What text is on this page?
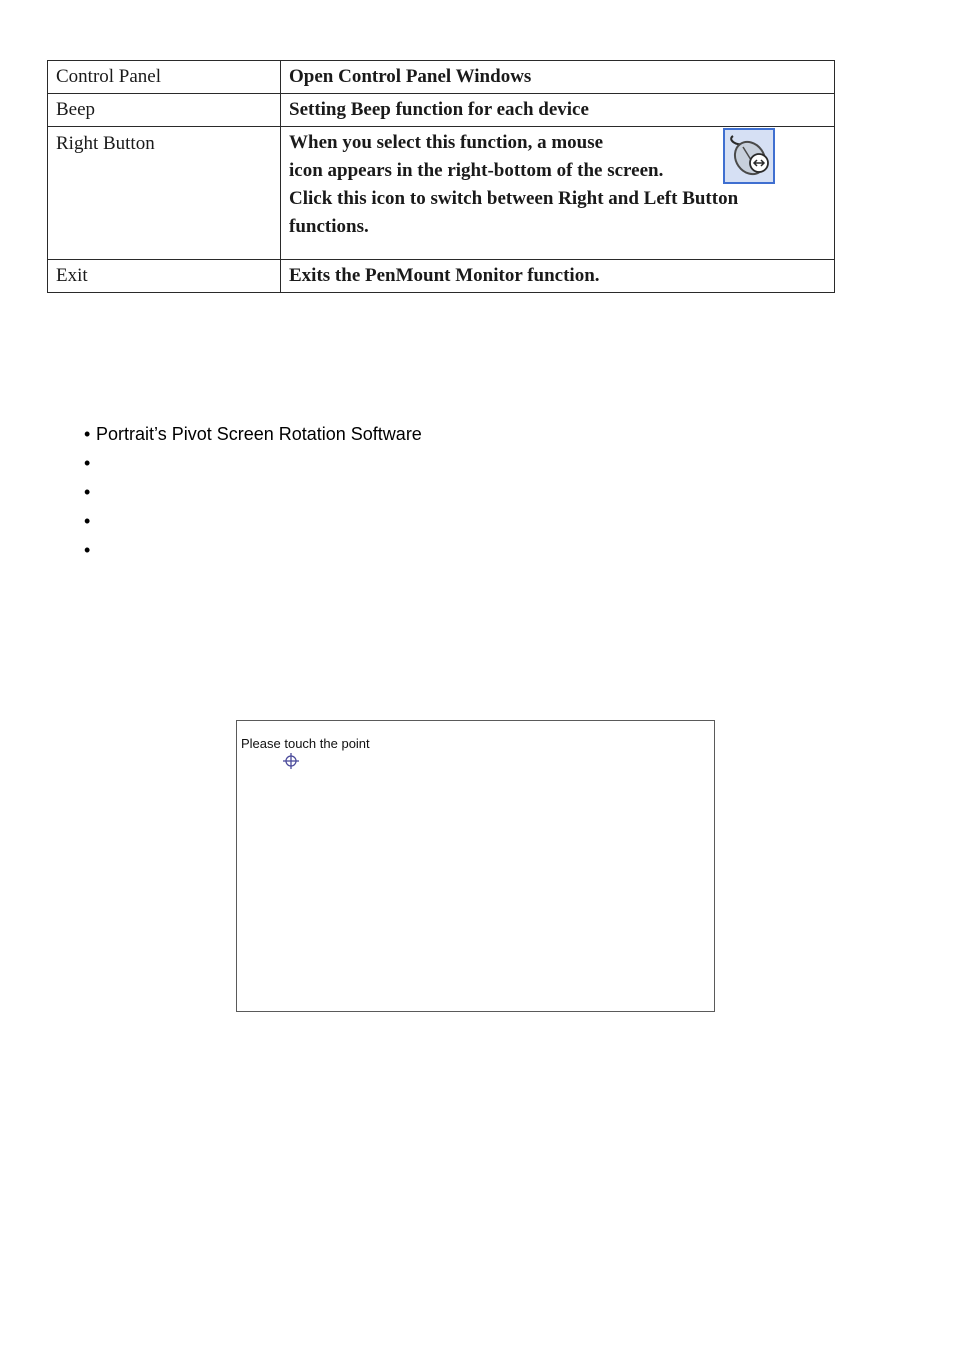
Control Panel	Open Control Panel Windows
Beep	Setting Beep function for each device
Right Button	When you select this function, a mouse
icon appears in the right-bottom of the screen.
Click this icon to switch between Right and Left Button
functions.

Exit	Exits the PenMount Monitor function.
• Portrait’s Pivot Screen Rotation Software
•
•
•
•
Please touch the point
